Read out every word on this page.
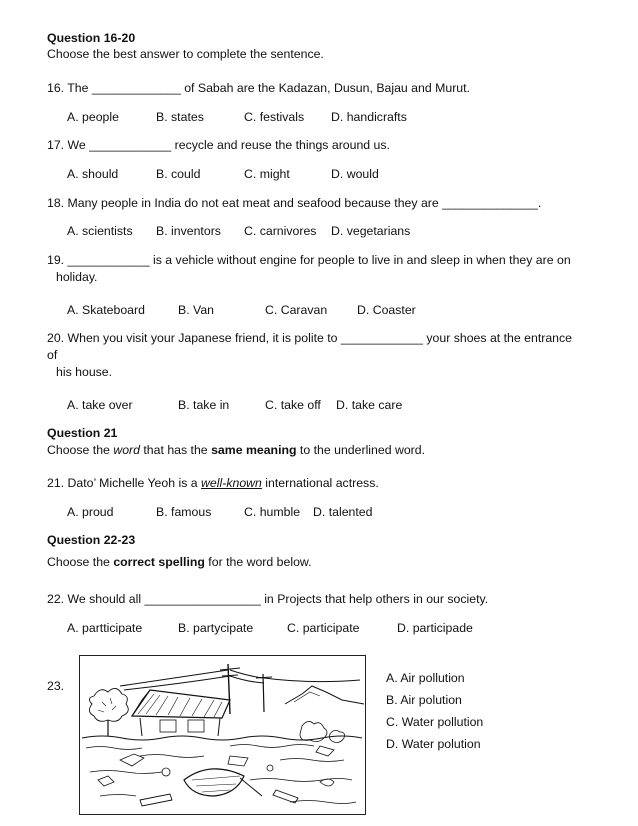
Question 16-20
Choose the best answer to complete the sentence.
16. The _____________ of Sabah are the Kadazan, Dusun, Bajau and Murut.
A. people	B. states	C. festivals D. handicrafts
17. We ____________ recycle and reuse the things around us.
A. should	B. could	C. might	D. would
18. Many people in India do not eat meat and seafood because they are ______________.
A. scientists B. inventors C. carnivores D. vegetarians
19. ____________ is a vehicle without engine for people to live in and sleep in when they are on
holiday.
A. Skateboard	B. Van	C. Caravan D. Coaster
20. When you visit your Japanese friend, it is polite to ____________ your shoes at the entrance
of
his house.
A. take over	B. take in	C. take off D. take care
Question 21
Choose the word that has the same meaning to the underlined word.
21. Dato’ Michelle Yeoh is a well-known international actress.
A. proud	B. famous	C. humble D. talented
Question 22-23
Choose the correct spelling for the word below.
22. We should all _________________ in Projects that help others in our society.
A. partticipate	B. partycipate	C. participate	D. participade
23.
A. Air pollution
B. Air polution
C. Water pollution
D. Water polution
